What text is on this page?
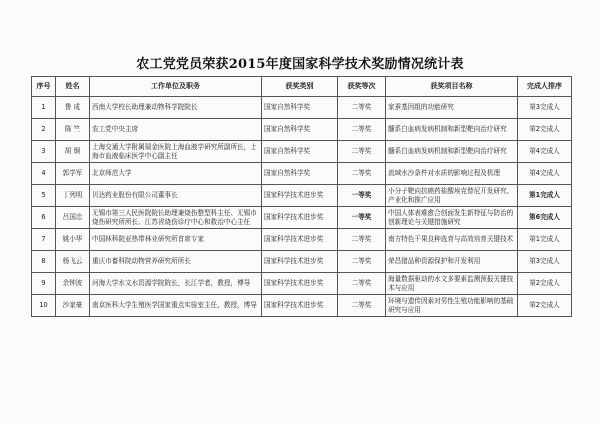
农工党党员荣获2015年度国家科学技术奖励情况统计表
序号	姓名	工作单位及职务	获奖类别	获奖等次	获奖项目名称	完成人排序
1	鲁 成	西南大学校长助理兼动物科学院院长	国家自然科学奖	二等奖	家蚕基因组的功能研究	第3完成人
2	陈 竺	农工党中央主席	国家自然科学奖	二等奖	髓系白血病发病机制和新型靶向治疗研究	第2完成人
3	胡 炯	上海交通大学附属瑞金医院上海血液学研究所副所长，上海市血液临床医学中心副主任	国家自然科学奖	二等奖	髓系白血病发病机制和新型靶向治疗研究	第4完成人
4	郭学军	北京师范大学	国家自然科学奖	二等奖	流域水沙条件对水质的影响过程及机理	第4完成人
5	丁列明	贝达药业股份有限公司董事长	国家科学技术进步奖	一等奖	小分子靶向抗癌药盐酸埃克替尼开发研究、产业化和推广应用	第1完成人
6	吕国忠	无锡市第三人民医院院长助理兼烧伤整型科主任、无锡市烧伤研究所所长、江苏省烧伤诊疗中心和救治中心主任	国家科学技术进步奖	一等奖	中国人体表难愈合创面发生新特征与防治的创新理论与关键措施研究	第6完成人
7	姚小华	中国林科院亚热带林业研究所首席专家	国家科学技术进步奖	二等奖	南方特色干果良种选育与高效培育关键技术	第1完成人
8	杨飞云	重庆市畜科院动物营养研究所所长	国家科学技术进步奖	二等奖	荣昌猪品种资源保护和开发利用	第3完成人
9	余钟波	河海大学水文水资源学院院长，长江学者，教授，博导	国家科学技术进步奖	二等奖	海量数据驱动的水文多要素监测预报关键技术与应用	第2完成人
10	沙家豪	南京医科大学生殖医学国家重点实验室主任，教授，博导	国家科学技术进步奖	二等奖	环境与遗传因素对男性生殖功能影响的基础研究与应用	第2完成人
